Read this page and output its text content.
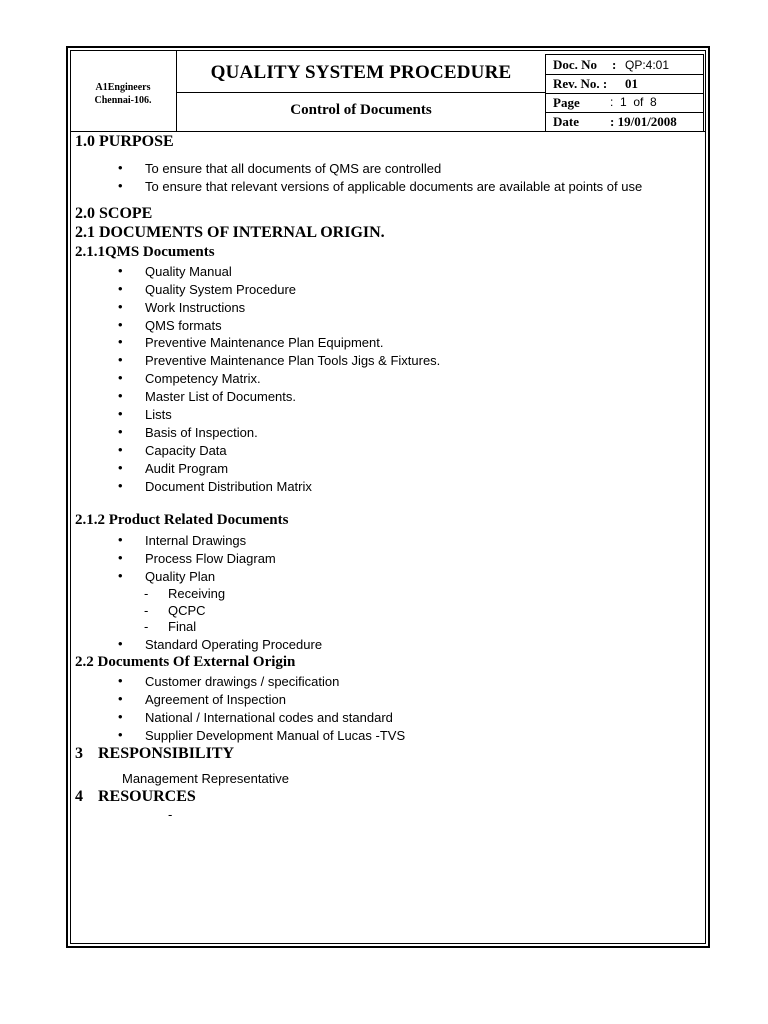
A1Engineers
Chennai-106.
QUALITY SYSTEM PROCEDURE
Control of Documents
Doc. No : QP:4:01
Rev. No. : 01
Page	:  1  of  8
Date : 19/01/2008
1.0 PURPOSE
• To ensure that all documents of QMS are controlled
• To ensure that relevant versions of applicable documents are available at points of use
2.0 SCOPE
2.1 DOCUMENTS OF INTERNAL ORIGIN.
2.1.1QMS Documents
• Quality Manual
• Quality System Procedure
• Work Instructions
• QMS formats
• Preventive Maintenance Plan Equipment.
• Preventive Maintenance Plan Tools Jigs & Fixtures.
• Competency Matrix.
• Master List of Documents.
• Lists
• Basis of Inspection.
• Capacity Data
• Audit Program
• Document Distribution Matrix
2.1.2 Product Related Documents
• Internal Drawings
• Process Flow Diagram
• Quality Plan
- Receiving
- QCPC
- Final
• Standard Operating Procedure
2.2 Documents Of External Origin
• Customer drawings / specification
• Agreement of Inspection
• National / International codes and standard
• Supplier Development Manual of Lucas -TVS
3 RESPONSIBILITY
Management Representative
4 RESOURCES
-
